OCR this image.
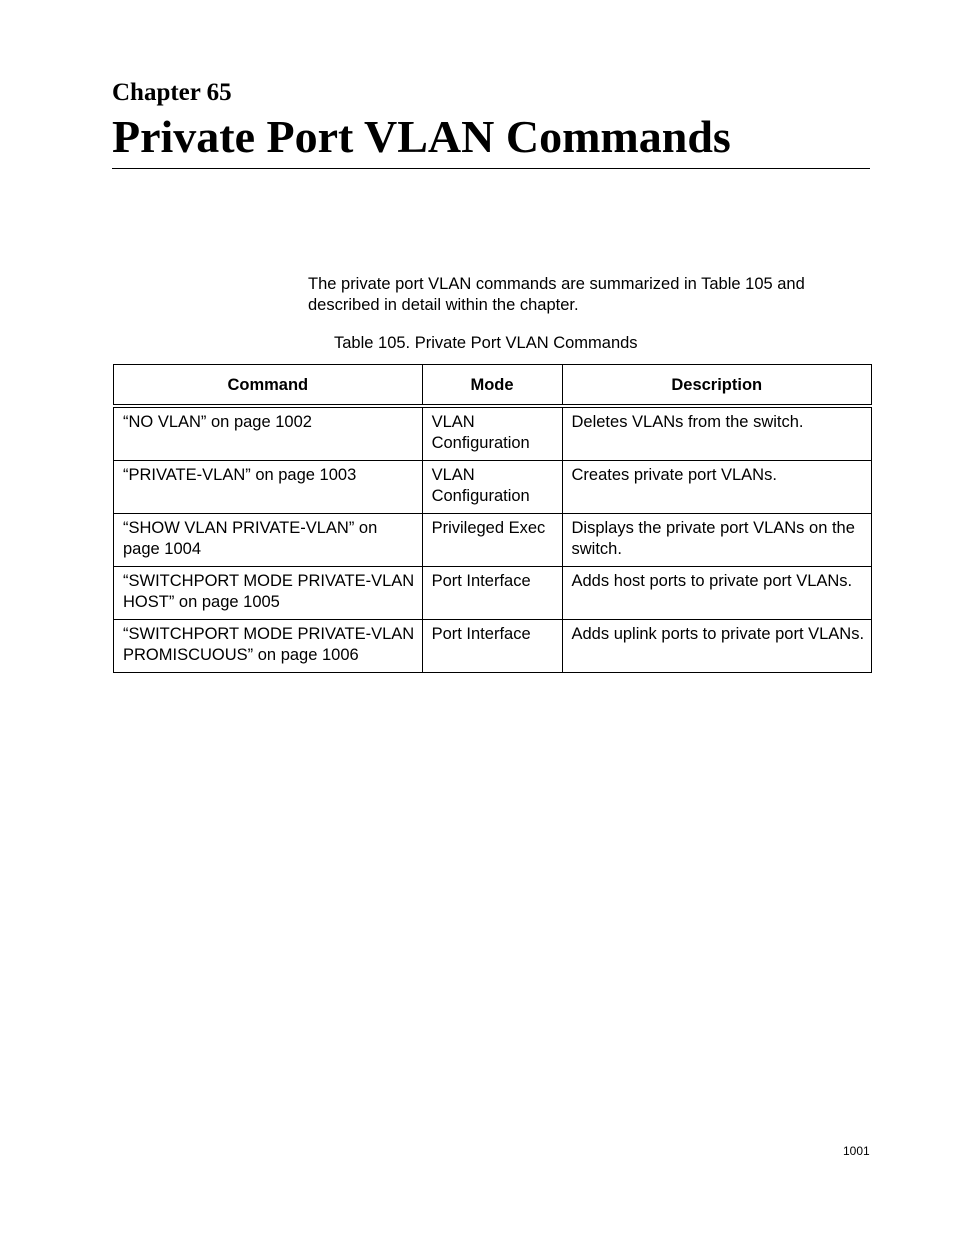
Chapter 65
Private Port VLAN Commands

The private port VLAN commands are summarized in Table 105 and described in detail within the chapter.

Table 105. Private Port VLAN Commands

Command	Mode	Description
“NO VLAN” on page 1002	VLAN Configuration	Deletes VLANs from the switch.
“PRIVATE-VLAN” on page 1003	VLAN Configuration	Creates private port VLANs.
“SHOW VLAN PRIVATE-VLAN” on page 1004	Privileged Exec	Displays the private port VLANs on the switch.
“SWITCHPORT MODE PRIVATE-VLAN HOST” on page 1005	Port Interface	Adds host ports to private port VLANs.
“SWITCHPORT MODE PRIVATE-VLAN PROMISCUOUS” on page 1006	Port Interface	Adds uplink ports to private port VLANs.

1001
